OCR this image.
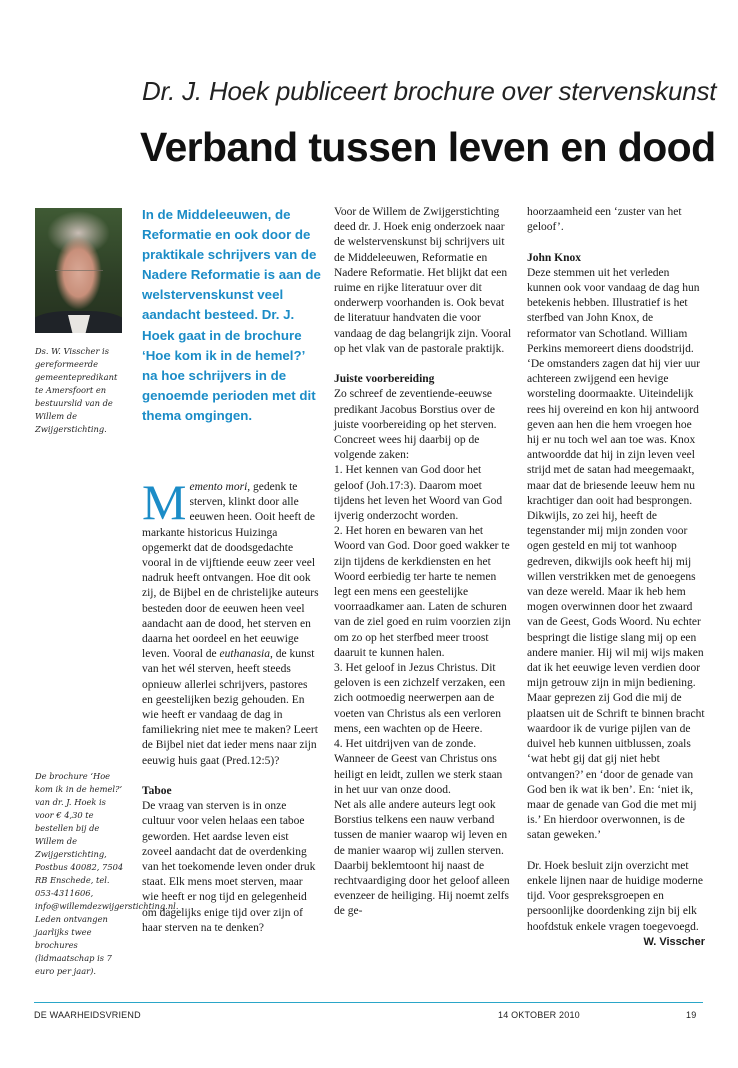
Dr. J. Hoek publiceert brochure over stervenskunst
Verband tussen leven en dood
Ds. W. Visscher is gereformeerde gemeentepredikant te Amersfoort en bestuurslid van de Willem de Zwijgerstichting.
In de Middeleeuwen, de Reformatie en ook door de praktikale schrijvers van de Nadere Reformatie is aan de welstervenskunst veel aandacht besteed. Dr. J. Hoek gaat in de brochure ‘Hoe kom ik in de hemel?’ na hoe schrijvers in de genoemde perioden met dit thema omgingen.

Memento mori, gedenk te sterven, klinkt door alle eeuwen heen. Ooit heeft de markante historicus Huizinga opgemerkt dat de doodsgedachte vooral in de vijftiende eeuw zeer veel nadruk heeft ontvangen. Hoe dit ook zij, de Bijbel en de christelijke auteurs besteden door de eeuwen heen veel aandacht aan de dood, het sterven en daarna het oordeel en het eeuwige leven. Vooral de euthanasia, de kunst van het wél sterven, heeft steeds opnieuw allerlei schrijvers, pastores en geestelijken bezig gehouden. En wie heeft er vandaag de dag in familiekring niet mee te maken? Leert de Bijbel niet dat ieder mens naar zijn eeuwig huis gaat (Pred.12:5)?

Taboe

De vraag van sterven is in onze cultuur voor velen helaas een taboe geworden. Het aardse leven eist zoveel aandacht dat de overdenking van het toekomende leven onder druk staat. Elk mens moet sterven, maar wie heeft er nog tijd en gelegenheid om dagelijks enige tijd over zijn of haar sterven na te denken?

Voor de Willem de Zwijgerstichting deed dr. J. Hoek enig onderzoek naar de welstervenskunst bij schrijvers uit de Middeleeuwen, Reformatie en Nadere Reformatie. Het blijkt dat een ruime en rijke literatuur over dit onderwerp voorhanden is. Ook bevat de literatuur handvaten die voor vandaag de dag belangrijk zijn. Vooral op het vlak van de pastorale praktijk.

Juiste voorbereiding

Zo schreef de zeventiende-eeuwse predikant Jacobus Borstius over de juiste voorbereiding op het sterven. Concreet wees hij daarbij op de volgende zaken:

1. Het kennen van God door het geloof (Joh.17:3). Daarom moet tijdens het leven het Woord van God ijverig onderzocht worden.

2. Het horen en bewaren van het Woord van God. Door goed wakker te zijn tijdens de kerkdiensten en het Woord eerbiedig ter harte te nemen legt een mens een geestelijke voorraadkamer aan. Laten de schuren van de ziel goed en ruim voorzien zijn om zo op het sterfbed meer troost daaruit te kunnen halen.

3. Het geloof in Jezus Christus. Dit geloven is een zichzelf verzaken, een zich ootmoedig neerwerpen aan de voeten van Christus als een verloren mens, een wachten op de Heere.

4. Het uitdrijven van de zonde. Wanneer de Geest van Christus ons heiligt en leidt, zullen we sterk staan in het uur van onze dood.

Net als alle andere auteurs legt ook Borstius telkens een nauw verband tussen de manier waarop wij leven en de manier waarop wij zullen sterven. Daarbij beklemtoont hij naast de rechtvaardiging door het geloof alleen evenzeer de heiliging. Hij noemt zelfs de ge-

hoorzaamheid een ‘zuster van het geloof’.

John Knox

Deze stemmen uit het verleden kunnen ook voor vandaag de dag hun betekenis hebben. Illustratief is het sterfbed van John Knox, de reformator van Schotland. William Perkins memoreert diens doodstrijd. ‘De omstanders zagen dat hij vier uur achtereen zwijgend een hevige worsteling doormaakte. Uiteindelijk rees hij overeind en kon hij antwoord geven aan hen die hem vroegen hoe hij er nu toch wel aan toe was. Knox antwoordde dat hij in zijn leven veel strijd met de satan had meegemaakt, maar dat de briesende leeuw hem nu krachtiger dan ooit had besprongen. Dikwijls, zo zei hij, heeft de tegenstander mij mijn zonden voor ogen gesteld en mij tot wanhoop gedreven, dikwijls ook heeft hij mij willen verstrikken met de genoegens van deze wereld. Maar ik heb hem mogen overwinnen door het zwaard van de Geest, Gods Woord. Nu echter bespringt die listige slang mij op een andere manier. Hij wil mij wijs maken dat ik het eeuwige leven verdien door mijn getrouw zijn in mijn bediening. Maar geprezen zij God die mij de plaatsen uit de Schrift te binnen bracht waardoor ik de vurige pijlen van de duivel heb kunnen uitblussen, zoals ‘wat hebt gij dat gij niet hebt ontvangen?’ en ‘door de genade van God ben ik wat ik ben’. En: ‘niet ik, maar de genade van God die met mij is.’ En hierdoor overwonnen, is de satan geweken.’

Dr. Hoek besluit zijn overzicht met enkele lijnen naar de huidige moderne tijd. Voor gespreksgroepen en persoonlijke doordenking zijn bij elk hoofdstuk enkele vragen toegevoegd.

W. Visscher
De brochure ‘Hoe kom ik in de hemel?’ van dr. J. Hoek is voor € 4,30 te bestellen bij de Willem de Zwijgerstichting, Postbus 40082, 7504 RB Enschede, tel. 053-4311606, info@willemdezwijgerstichting.nl. Leden ontvangen jaarlijks twee brochures (lidmaatschap is 7 euro per jaar).
DE WAARHEIDSVRIEND	14 OKTOBER 2010	19
